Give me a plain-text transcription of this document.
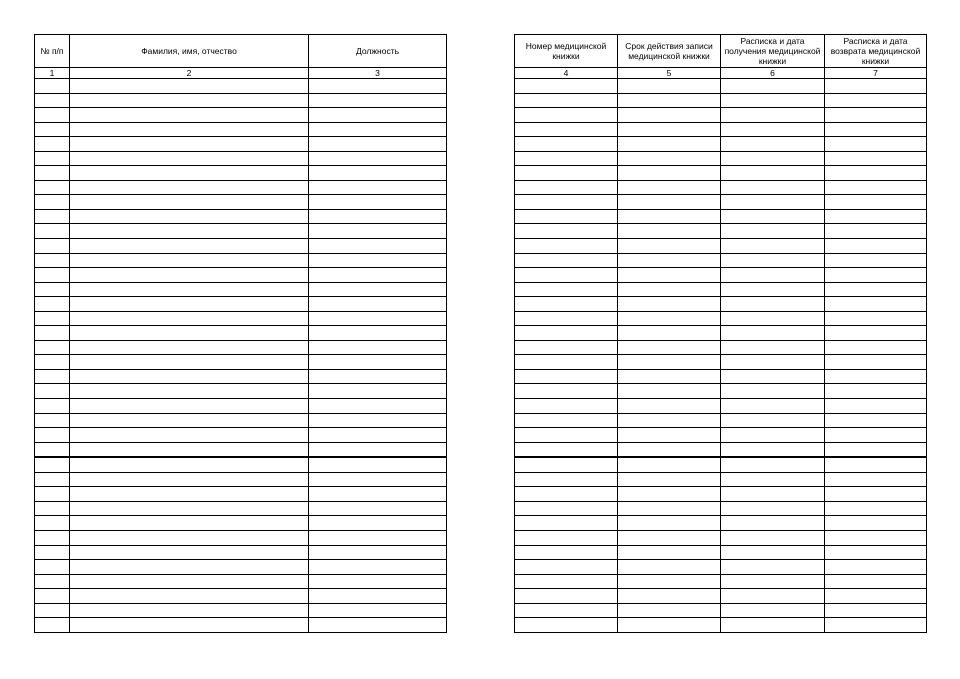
№ п/п	Фамилия, имя, отчество	Должность
1	2	3

Номер медицинской книжки	Срок действия записи медицинской книжки	Расписка и дата получения медицинской книжки	Расписка и дата возврата медицинской книжки
4	5	6	7
